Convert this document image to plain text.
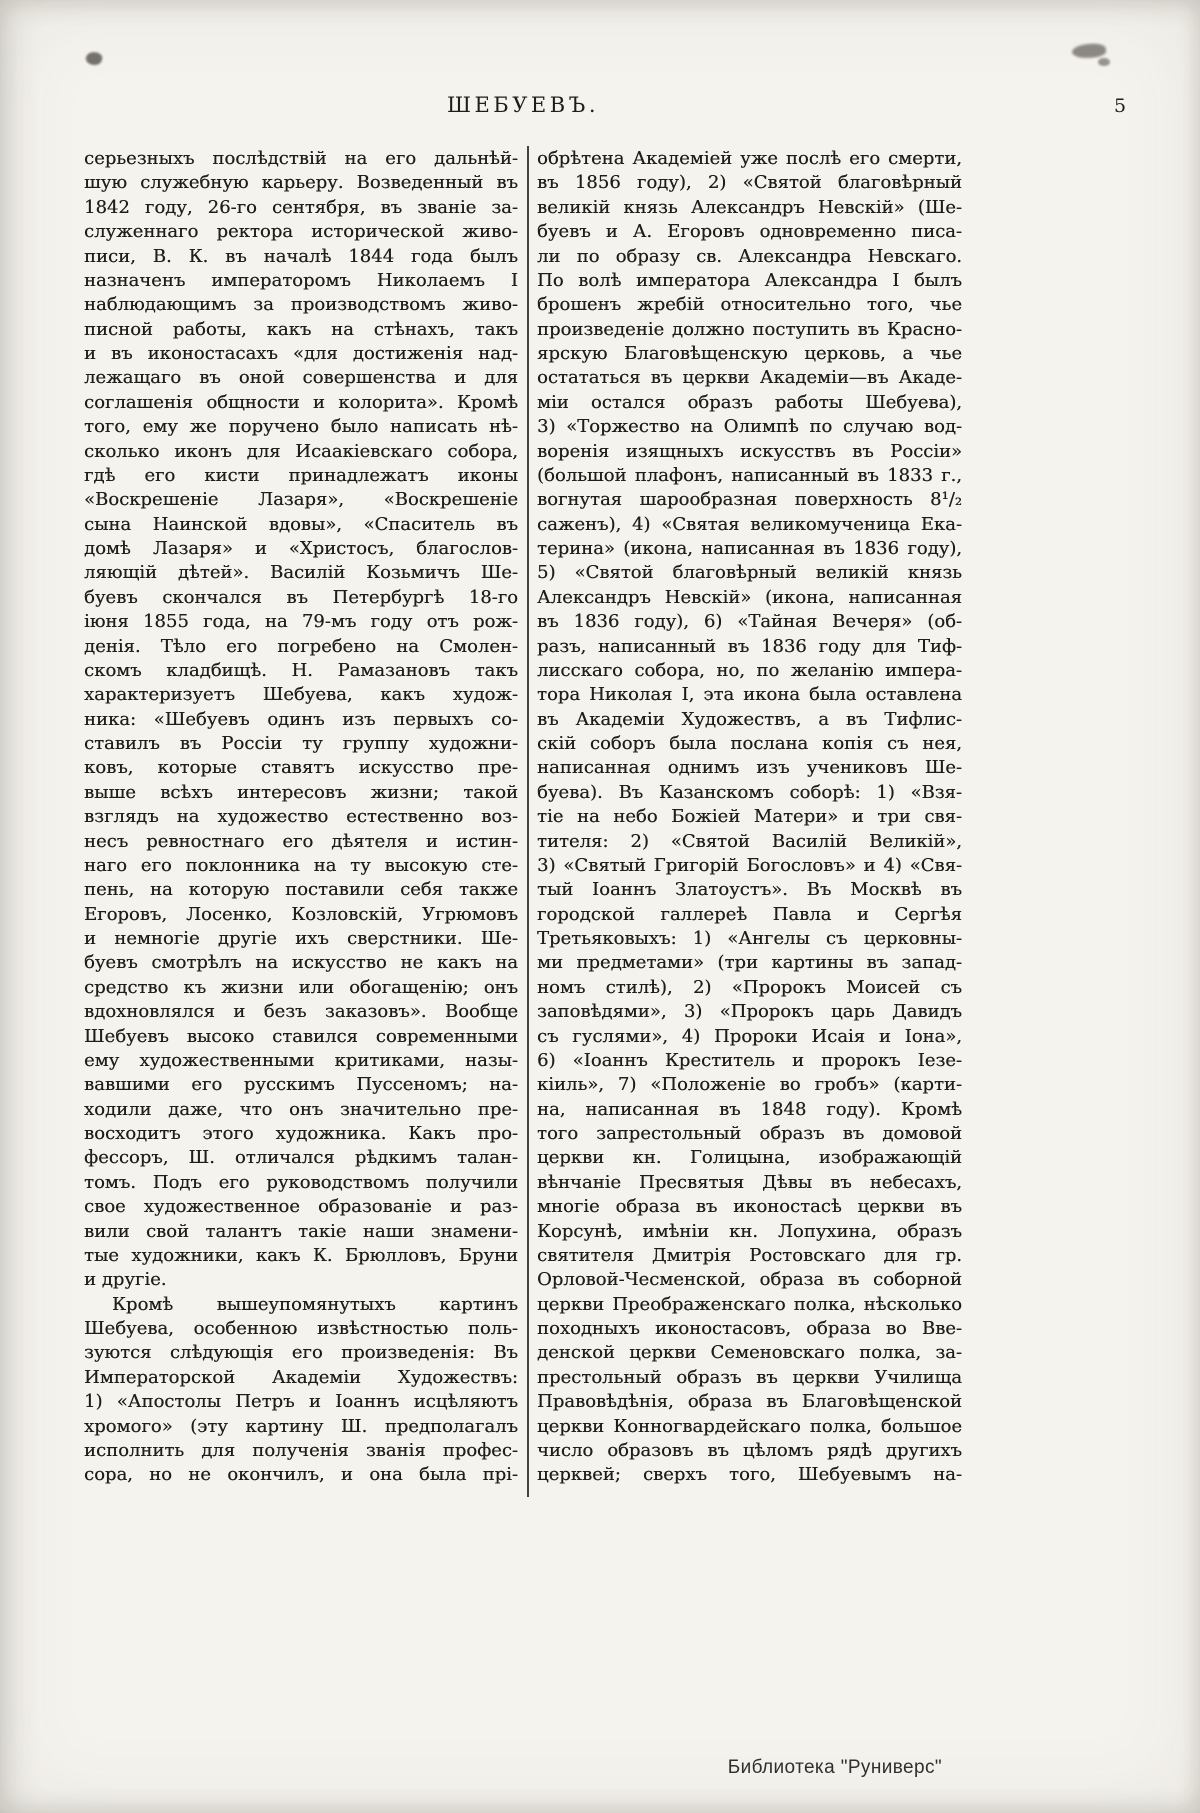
ШЕБУЕВЪ.	5
серьезныхъ послѣдствій на его дальнѣй-
шую служебную карьеру. Возведенный въ
1842 году, 26-го сентября, въ званіе за-
служеннаго ректора исторической живо-
писи, В. К. въ началѣ 1844 года былъ
назначенъ императоромъ Николаемъ I
наблюдающимъ за производствомъ живо-
писной работы, какъ на стѣнахъ, такъ
и въ иконостасахъ «для достиженія над-
лежащаго въ оной совершенства и для
соглашенія общности и колорита». Кромѣ
того, ему же поручено было написать нѣ-
сколько иконъ для Исаакіевскаго собора,
гдѣ его кисти принадлежатъ иконы
«Воскрешеніе Лазаря», «Воскрешеніе
сына Наинской вдовы», «Спаситель въ
домѣ Лазаря» и «Христосъ, благослов-
ляющій дѣтей». Василій Козьмичъ Ше-
буевъ скончался въ Петербургѣ 18-го
іюня 1855 года, на 79-мъ году отъ рож-
денія. Тѣло его погребено на Смолен-
скомъ кладбищѣ. Н. Рамазановъ такъ
характеризуетъ Шебуева, какъ худож-
ника: «Шебуевъ одинъ изъ первыхъ со-
ставилъ въ Россіи ту группу художни-
ковъ, которые ставятъ искусство пре-
выше всѣхъ интересовъ жизни; такой
взглядъ на художество естественно воз-
несъ ревностнаго его дѣятеля и истин-
наго его поклонника на ту высокую сте-
пень, на которую поставили себя также
Егоровъ, Лосенко, Козловскій, Угрюмовъ
и немногіе другіе ихъ сверстники. Ше-
буевъ смотрѣлъ на искусство не какъ на
средство къ жизни или обогащенію; онъ
вдохновлялся и безъ заказовъ». Вообще
Шебуевъ высоко ставился современными
ему художественными критиками, назы-
вавшими его русскимъ Пуссеномъ; на-
ходили даже, что онъ значительно пре-
восходитъ этого художника. Какъ про-
фессоръ, Ш. отличался рѣдкимъ талан-
томъ. Подъ его руководствомъ получили
свое художественное образованіе и раз-
вили свой талантъ такіе наши знамени-
тые художники, какъ К. Брюлловъ, Бруни
и другіе.
Кромѣ вышеупомянутыхъ картинъ
Шебуева, особенною извѣстностью поль-
зуются слѣдующія его произведенія: Въ
Императорской Академіи Художествъ:
1) «Апостолы Петръ и Іоаннъ исцѣляютъ
хромого» (эту картину Ш. предполагалъ
исполнить для полученія званія профес-
сора, но не окончилъ, и она была прі-
обрѣтена Академіей уже послѣ его смерти,
въ 1856 году), 2) «Святой благовѣрный
великій князь Александръ Невскій» (Ше-
буевъ и А. Егоровъ одновременно писа-
ли по образу св. Александра Невскаго.
По волѣ императора Александра I былъ
брошенъ жребій относительно того, чье
произведеніе должно поступить въ Красно-
ярскую Благовѣщенскую церковь, а чье
остататься въ церкви Академіи—въ Акаде-
міи остался образъ работы Шебуева),
3) «Торжество на Олимпѣ по случаю вод-
воренія изящныхъ искусствъ въ Россіи»
(большой плафонъ, написанный въ 1833 г.,
вогнутая шарообразная поверхность 8¹/₂
саженъ), 4) «Святая великомученица Ека-
терина» (икона, написанная въ 1836 году),
5) «Святой благовѣрный великій князь
Александръ Невскій» (икона, написанная
въ 1836 году), 6) «Тайная Вечеря» (об-
разъ, написанный въ 1836 году для Тиф-
лисскаго собора, но, по желанію импера-
тора Николая I, эта икона была оставлена
въ Академіи Художествъ, а въ Тифлис-
скій соборъ была послана копія съ нея,
написанная однимъ изъ учениковъ Ше-
буева). Въ Казанскомъ соборѣ: 1) «Взя-
тіе на небо Божіей Матери» и три свя-
тителя: 2) «Святой Василій Великій»,
3) «Святый Григорій Богословъ» и 4) «Свя-
тый Іоаннъ Златоустъ». Въ Москвѣ въ
городской галлереѣ Павла и Сергѣя
Третьяковыхъ: 1) «Ангелы съ церковны-
ми предметами» (три картины въ запад-
номъ стилѣ), 2) «Пророкъ Моисей съ
заповѣдями», 3) «Пророкъ царь Давидъ
съ гуслями», 4) Пророки Исаія и Іона»,
6) «Іоаннъ Креститель и пророкъ Іезе-
кіиль», 7) «Положеніе во гробъ» (карти-
на, написанная въ 1848 году). Кромѣ
того запрестольный образъ въ домовой
церкви кн. Голицына, изображающій
вѣнчаніе Пресвятыя Дѣвы въ небесахъ,
многіе образа въ иконостасѣ церкви въ
Корсунѣ, имѣніи кн. Лопухина, образъ
святителя Дмитрія Ростовскаго для гр.
Орловой-Чесменской, образа въ соборной
церкви Преображенскаго полка, нѣсколько
походныхъ иконостасовъ, образа во Вве-
денской церкви Семеновскаго полка, за-
престольный образъ въ церкви Училища
Правовѣдѣнія, образа въ Благовѣщенской
церкви Конногвардейскаго полка, большое
число образовъ въ цѣломъ рядѣ другихъ
церквей; сверхъ того, Шебуевымъ на-
Библиотека "Руниверс"
